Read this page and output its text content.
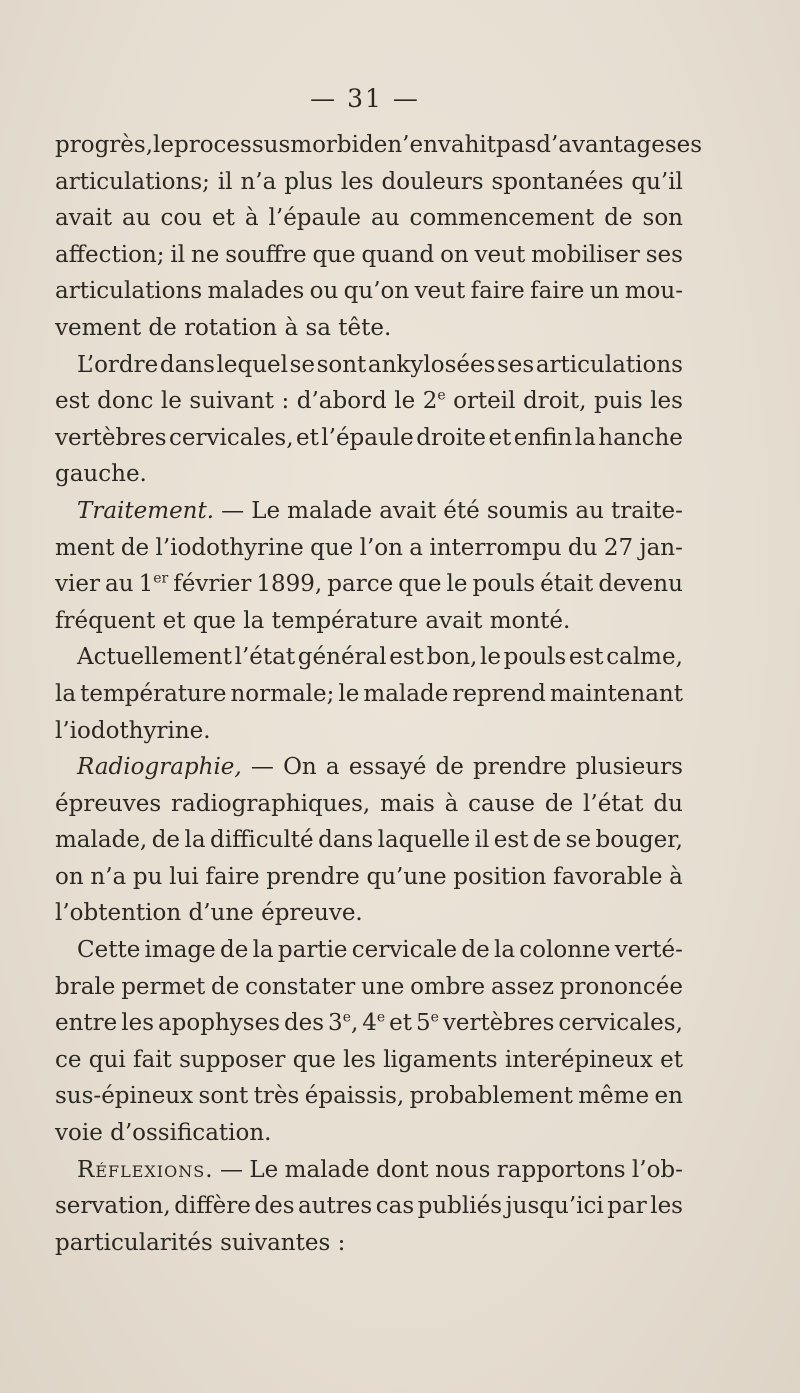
— 31 —
progrès, le processus morbide n’envahit pas d’avantage ses
articulations; il n’a plus les douleurs spontanées qu’il
avait au cou et à l’épaule au commencement de son
affection; il ne souffre que quand on veut mobiliser ses
articulations malades ou qu’on veut faire faire un mou-
vement
de
rotation
à
sa
tête.
L’ordre dans lequel se sont ankylosées ses articulations
est donc le suivant : d’abord le 2e orteil droit, puis les
vertèbres cervicales, et l’épaule droite et enfin la hanche
gauche.
Traitement. — Le malade avait été soumis au traite-
ment de l’iodothyrine que l’on a interrompu du 27 jan-
vier au 1er février 1899, parce que le pouls était devenu
fréquent
et
que
la
température
avait
monté.
Actuellement l’état général est bon, le pouls est calme,
la température normale; le malade reprend maintenant
l’iodothyrine.
Radiographie, — On a essayé de prendre plusieurs
épreuves radiographiques, mais à cause de l’état du
malade, de la difficulté dans laquelle il est de se bouger,
on n’a pu lui faire prendre qu’une position favorable à
l’obtention
d’une
épreuve.
Cette image de la partie cervicale de la colonne verté-
brale permet de constater une ombre assez prononcée
entre les apophyses des 3e, 4e et 5e vertèbres cervicales,
ce qui fait supposer que les ligaments interépineux et
sus-épineux sont très épaissis, probablement même en
voie
d’ossification.
Réflexions. — Le malade dont nous rapportons l’ob-
servation, diffère des autres cas publiés jusqu’ici par les
particularités
suivantes
:
